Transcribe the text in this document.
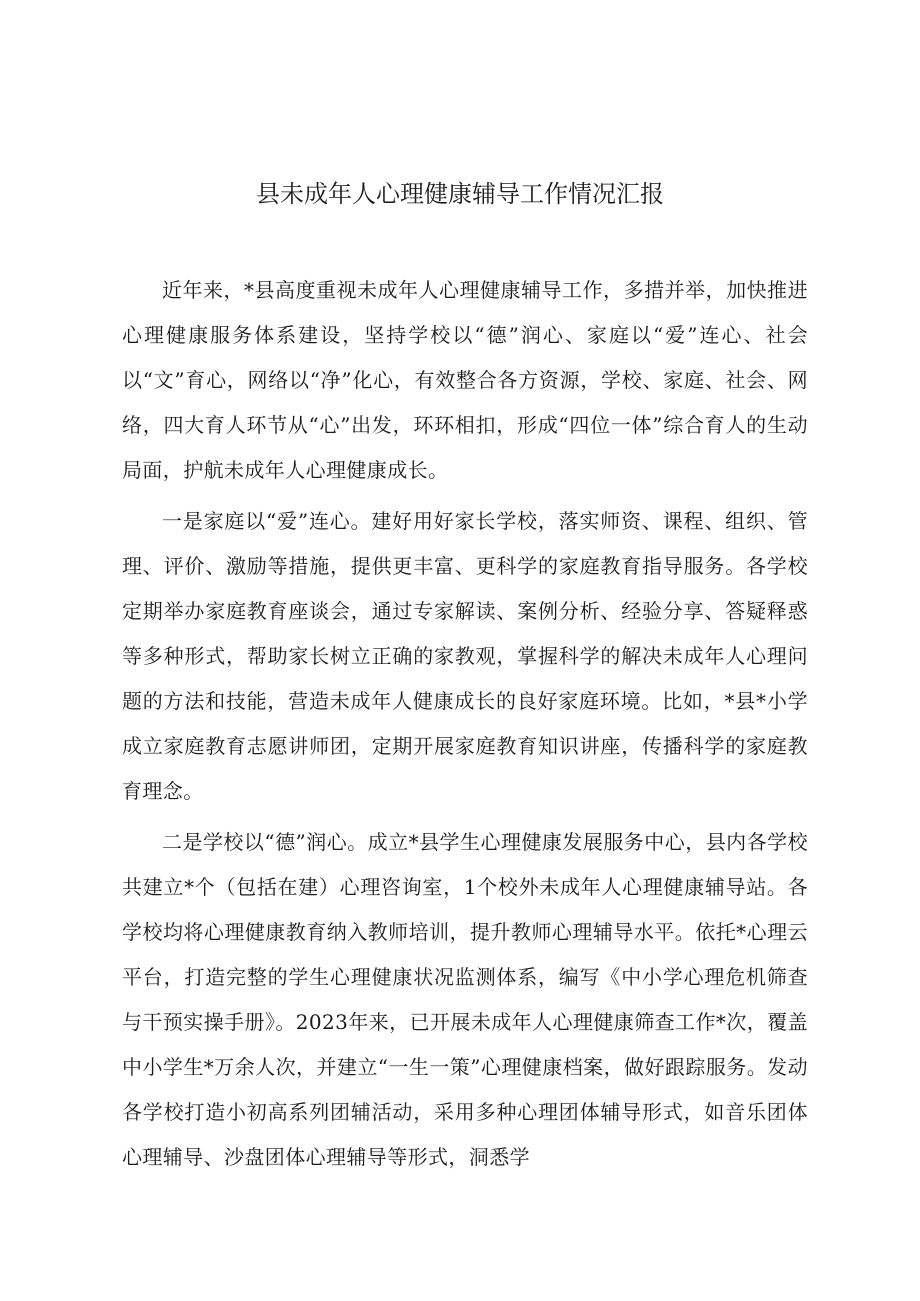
县未成年人心理健康辅导工作情况汇报

近年来，*县高度重视未成年人心理健康辅导工作，多措并举，加快推进心理健康服务体系建设，坚持学校以“德”润心、家庭以“爱”连心、社会以“文”育心，网络以“净”化心，有效整合各方资源，学校、家庭、社会、网络，四大育人环节从“心”出发，环环相扣，形成“四位一体”综合育人的生动局面，护航未成年人心理健康成长。

一是家庭以“爱”连心。建好用好家长学校，落实师资、课程、组织、管理、评价、激励等措施，提供更丰富、更科学的家庭教育指导服务。各学校定期举办家庭教育座谈会，通过专家解读、案例分析、经验分享、答疑释惑等多种形式，帮助家长树立正确的家教观，掌握科学的解决未成年人心理问题的方法和技能，营造未成年人健康成长的良好家庭环境。比如，*县*小学成立家庭教育志愿讲师团，定期开展家庭教育知识讲座，传播科学的家庭教育理念。

二是学校以“德”润心。成立*县学生心理健康发展服务中心，县内各学校共建立*个（包括在建）心理咨询室，1个校外未成年人心理健康辅导站。各学校均将心理健康教育纳入教师培训，提升教师心理辅导水平。依托*心理云平台，打造完整的学生心理健康状况监测体系，编写《中小学心理危机筛查与干预实操手册》。2023年来，已开展未成年人心理健康筛查工作*次，覆盖中小学生*万余人次，并建立“一生一策”心理健康档案，做好跟踪服务。发动各学校打造小初高系列团辅活动，采用多种心理团体辅导形式，如音乐团体心理辅导、沙盘团体心理辅导等形式，洞悉学
